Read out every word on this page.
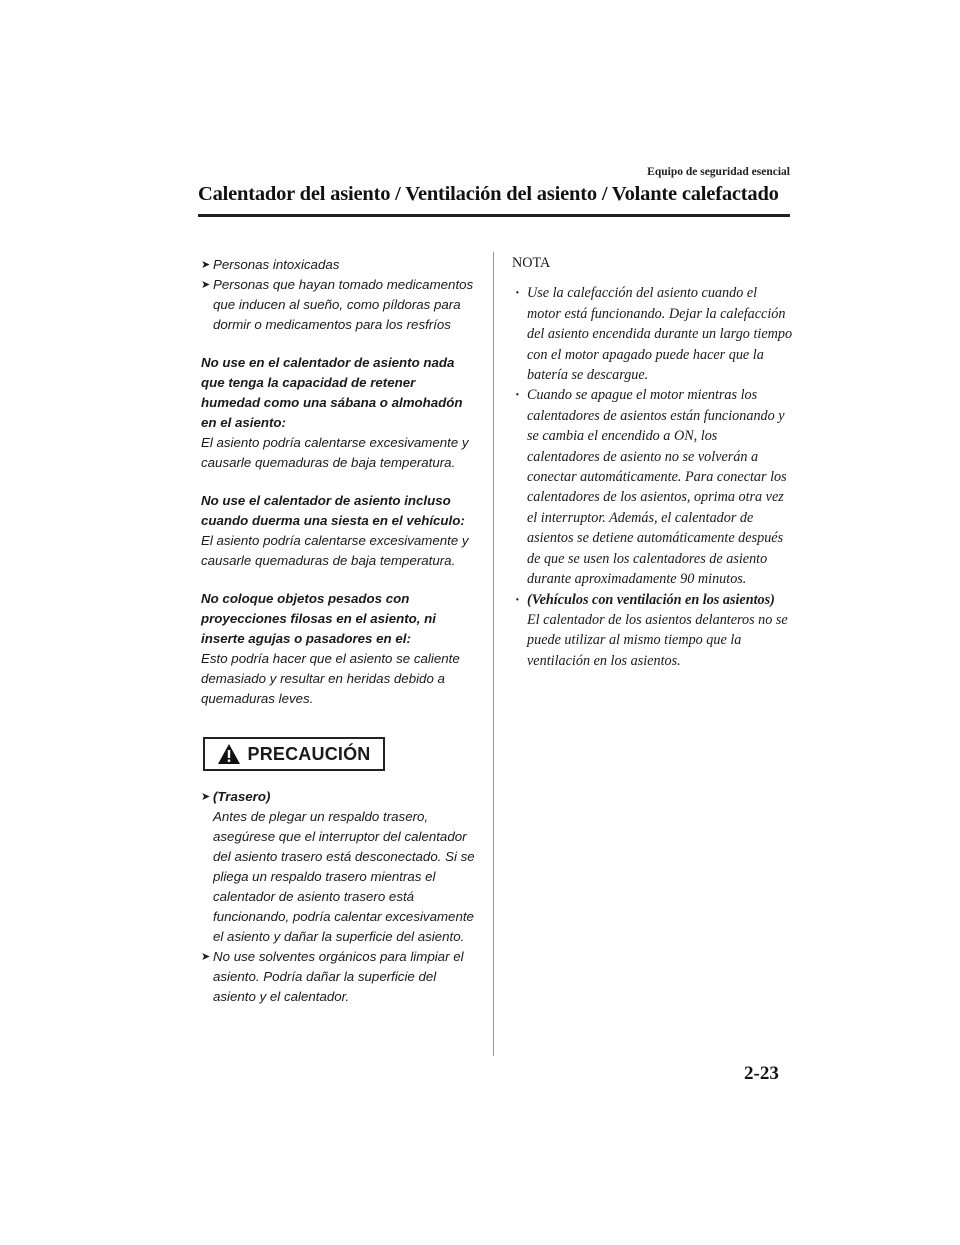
Equipo de seguridad esencial
Calentador del asiento / Ventilación del asiento / Volante calefactado
➤ Personas intoxicadas
➤ Personas que hayan tomado medicamentos que inducen al sueño, como píldoras para dormir o medicamentos para los resfríos
No use en el calentador de asiento nada que tenga la capacidad de retener humedad como una sábana o almohadón en el asiento:
El asiento podría calentarse excesivamente y causarle quemaduras de baja temperatura.
No use el calentador de asiento incluso cuando duerma una siesta en el vehículo:
El asiento podría calentarse excesivamente y causarle quemaduras de baja temperatura.
No coloque objetos pesados con proyecciones filosas en el asiento, ni inserte agujas o pasadores en el:
Esto podría hacer que el asiento se caliente demasiado y resultar en heridas debido a quemaduras leves.
PRECAUCIÓN
➤ (Trasero)
Antes de plegar un respaldo trasero, asegúrese que el interruptor del calentador del asiento trasero está desconectado. Si se pliega un respaldo trasero mientras el calentador de asiento trasero está funcionando, podría calentar excesivamente el asiento y dañar la superficie del asiento.
➤ No use solventes orgánicos para limpiar el asiento. Podría dañar la superficie del asiento y el calentador.
NOTA
· Use la calefacción del asiento cuando el motor está funcionando. Dejar la calefacción del asiento encendida durante un largo tiempo con el motor apagado puede hacer que la batería se descargue.
· Cuando se apague el motor mientras los calentadores de asientos están funcionando y se cambia el encendido a ON, los calentadores de asiento no se volverán a conectar automáticamente. Para conectar los calentadores de los asientos, oprima otra vez el interruptor. Además, el calentador de asientos se detiene automáticamente después de que se usen los calentadores de asiento durante aproximadamente 90 minutos.
· (Vehículos con ventilación en los asientos)
El calentador de los asientos delanteros no se puede utilizar al mismo tiempo que la ventilación en los asientos.
2-23
